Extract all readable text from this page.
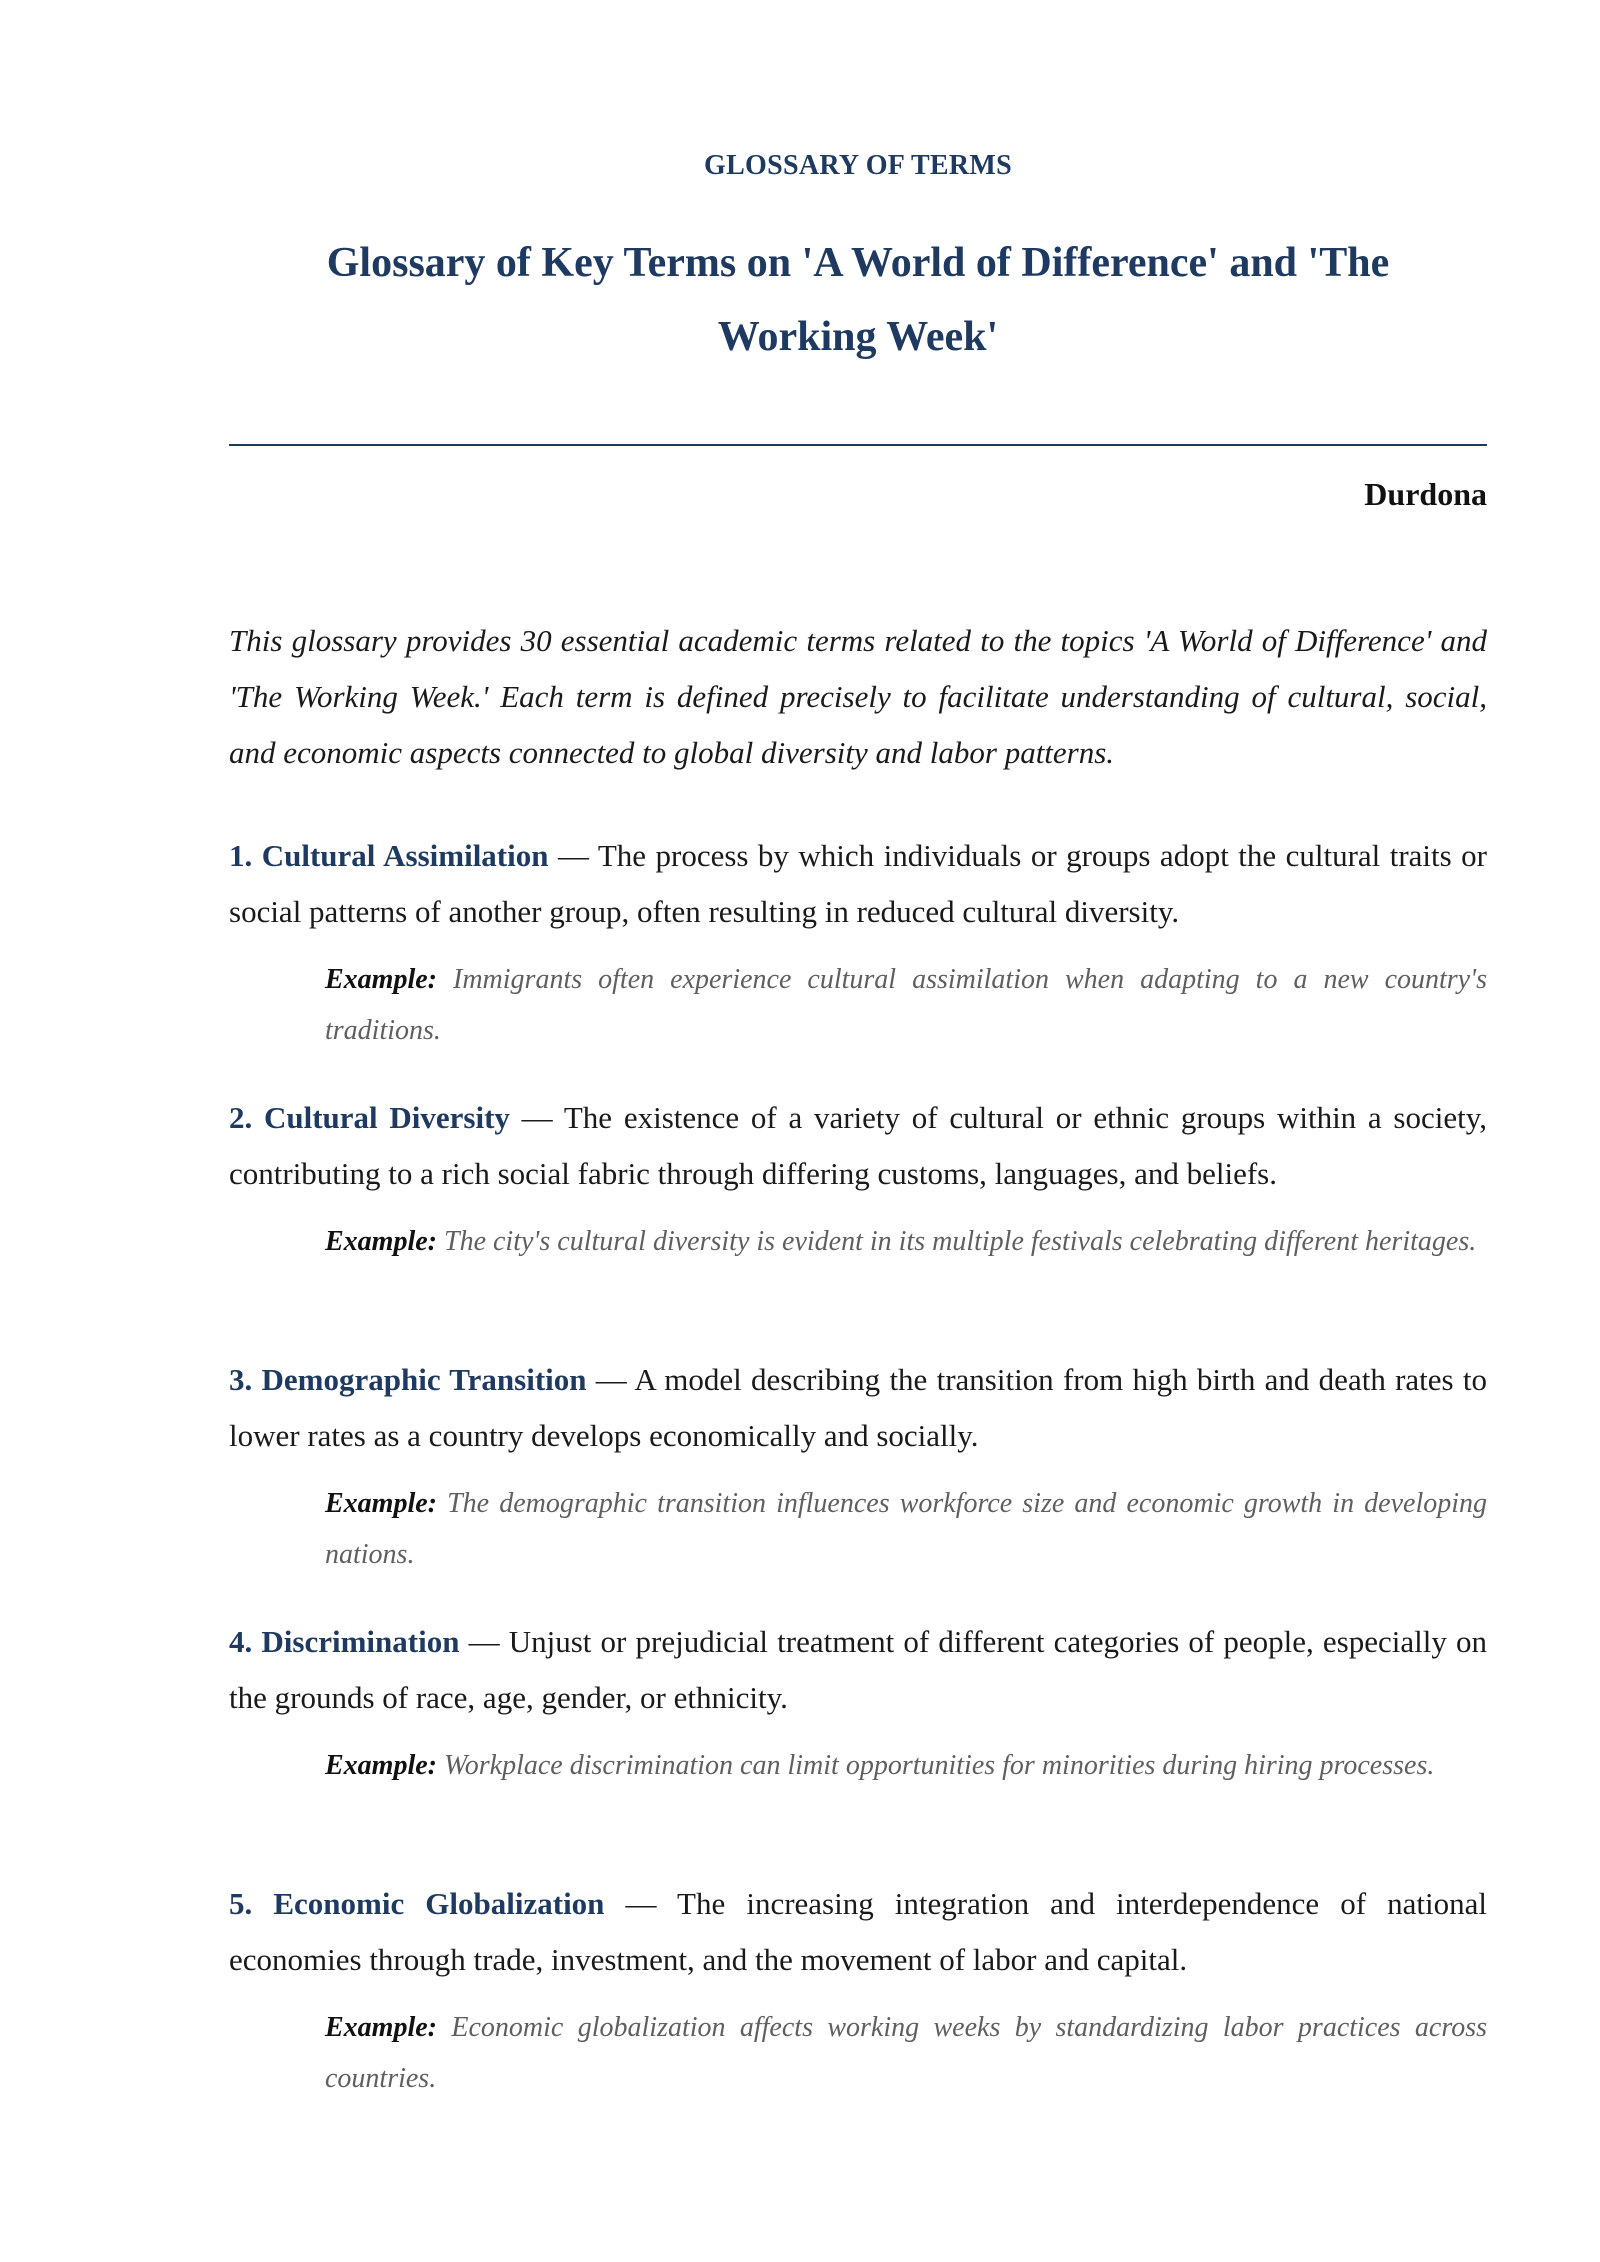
GLOSSARY OF TERMS
Glossary of Key Terms on 'A World of Difference' and 'The Working Week'
Durdona

This glossary provides 30 essential academic terms related to the topics 'A World of Difference' and 'The Working Week.' Each term is defined precisely to facilitate understanding of cultural, social, and economic aspects connected to global diversity and labor patterns.

1. Cultural Assimilation — The process by which individuals or groups adopt the cultural traits or social patterns of another group, often resulting in reduced cultural diversity.

Example: Immigrants often experience cultural assimilation when adapting to a new country's traditions.

2. Cultural Diversity — The existence of a variety of cultural or ethnic groups within a society, contributing to a rich social fabric through differing customs, languages, and beliefs.

Example: The city's cultural diversity is evident in its multiple festivals celebrating different heritages.

3. Demographic Transition — A model describing the transition from high birth and death rates to lower rates as a country develops economically and socially.

Example: The demographic transition influences workforce size and economic growth in developing nations.

4. Discrimination — Unjust or prejudicial treatment of different categories of people, especially on the grounds of race, age, gender, or ethnicity.

Example: Workplace discrimination can limit opportunities for minorities during hiring processes.

5. Economic Globalization — The increasing integration and interdependence of national economies through trade, investment, and the movement of labor and capital.

Example: Economic globalization affects working weeks by standardizing labor practices across countries.
